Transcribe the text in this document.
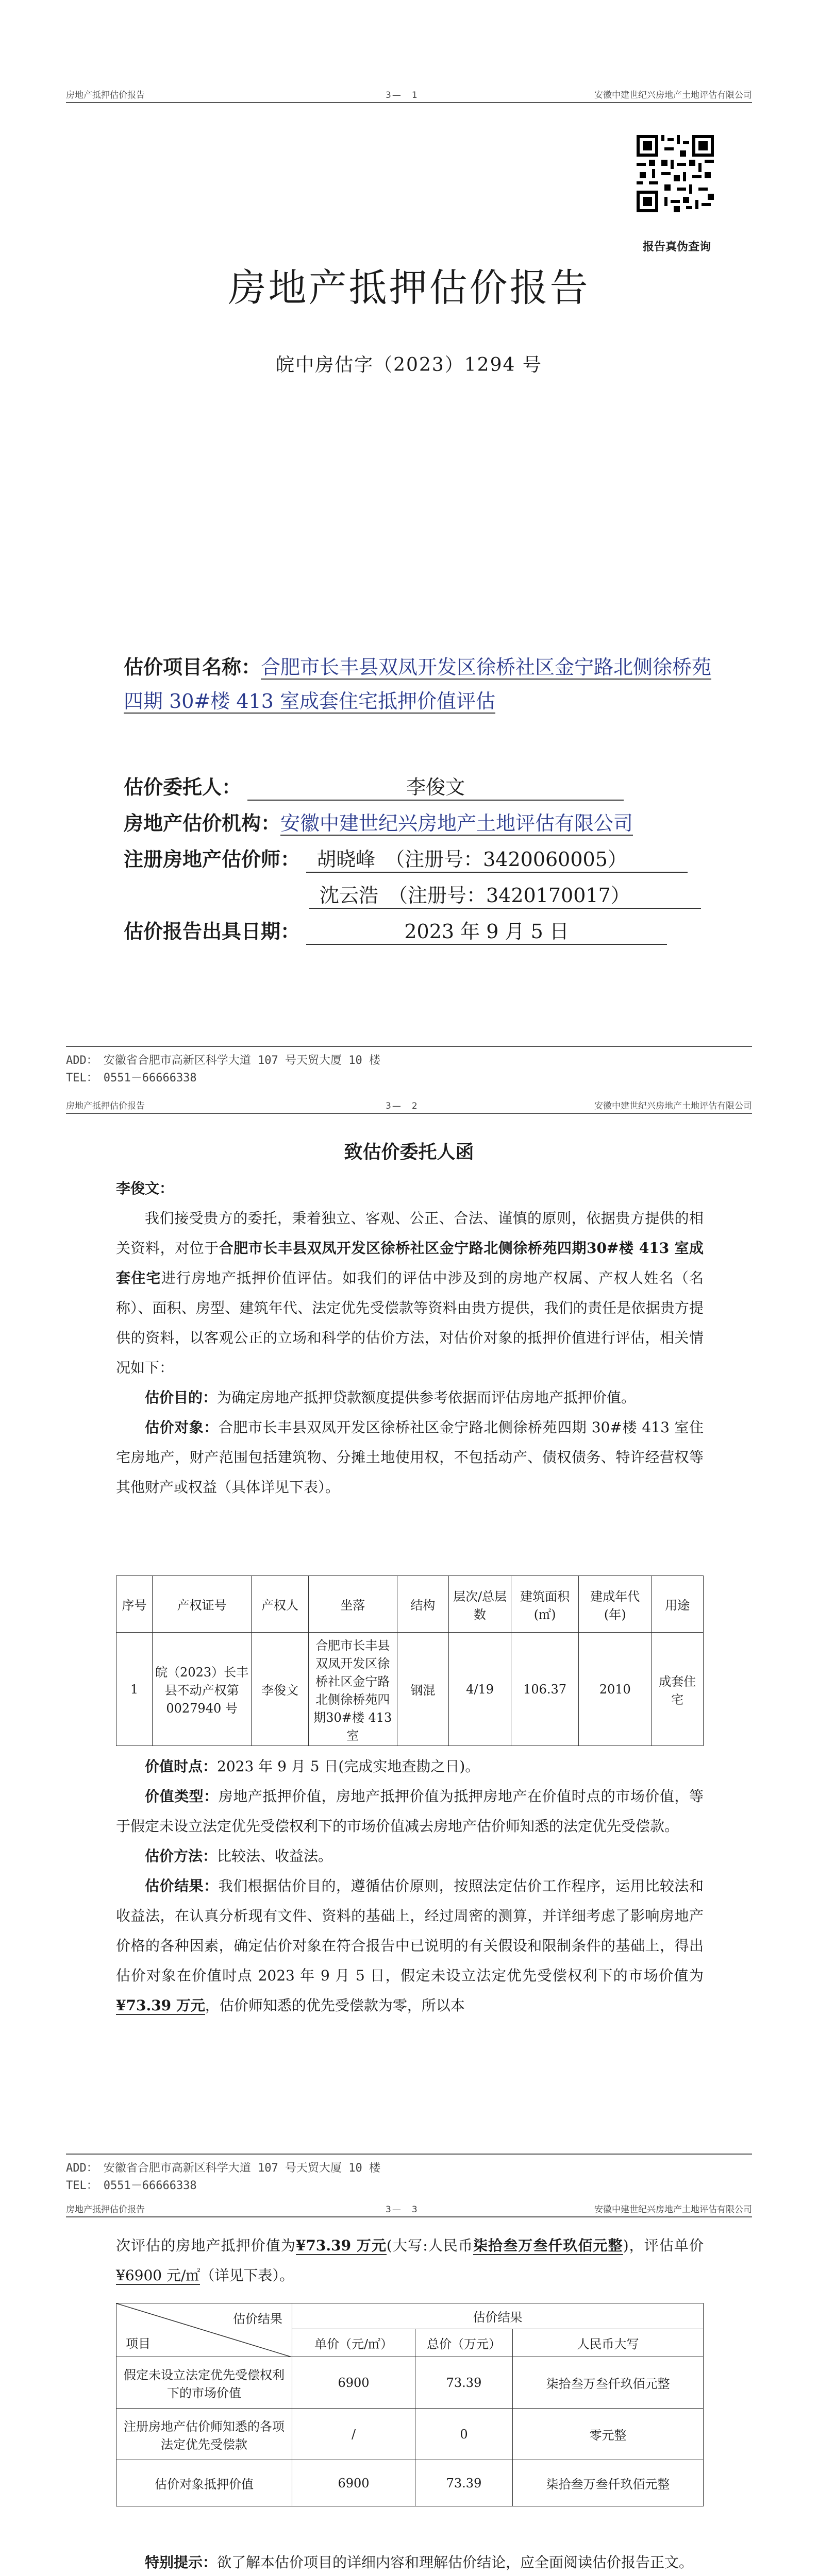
房地产抵押估价报告	3—　1	安徽中建世纪兴房地产土地评估有限公司
报告真伪查询
房地产抵押估价报告
皖中房估字（2023）1294 号
估价项目名称：合肥市长丰县双凤开发区徐桥社区金宁路北侧徐桥苑四期 30#楼 413 室成套住宅抵押价值评估
估价委托人：	李俊文
房地产估价机构：安徽中建世纪兴房地产土地评估有限公司
注册房地产估价师： 胡晓峰　（注册号：3420060005）
沈云浩　（注册号：3420170017）
估价报告出具日期：	2023 年 9 月 5 日
ADD：　安徽省合肥市高新区科学大道 107 号天贸大厦 10 楼
TEL：　0551－66666338
房地产抵押估价报告	3—　2	安徽中建世纪兴房地产土地评估有限公司
致估价委托人函
李俊文：
我们接受贵方的委托，秉着独立、客观、公正、合法、谨慎的原则，依据贵方提供的相关资料，对位于合肥市长丰县双凤开发区徐桥社区金宁路北侧徐桥苑四期30#楼 413 室成套住宅进行房地产抵押价值评估。如我们的评估中涉及到的房地产权属、产权人姓名（名称）、面积、房型、建筑年代、法定优先受偿款等资料由贵方提供，我们的责任是依据贵方提供的资料，以客观公正的立场和科学的估价方法，对估价对象的抵押价值进行评估，相关情况如下：
估价目的：为确定房地产抵押贷款额度提供参考依据而评估房地产抵押价值。
估价对象：合肥市长丰县双凤开发区徐桥社区金宁路北侧徐桥苑四期 30#楼 413 室住宅房地产，财产范围包括建筑物、分摊土地使用权，不包括动产、债权债务、特许经营权等其他财产或权益（具体详见下表）。
序号	产权证号	产权人	坐落	结构	层次/总层数	建筑面积(㎡)	建成年代(年)	用途
1	皖（2023）长丰县不动产权第0027940 号	李俊文	合肥市长丰县双凤开发区徐桥社区金宁路北侧徐桥苑四期30#楼 413 室	钢混	4/19	106.37	2010	成套住宅
价值时点：2023 年 9 月 5 日(完成实地查勘之日)。
价值类型：房地产抵押价值，房地产抵押价值为抵押房地产在价值时点的市场价值，等于假定未设立法定优先受偿权利下的市场价值减去房地产估价师知悉的法定优先受偿款。
估价方法：比较法、收益法。
估价结果：我们根据估价目的，遵循估价原则，按照法定估价工作程序，运用比较法和收益法，在认真分析现有文件、资料的基础上，经过周密的测算，并详细考虑了影响房地产价格的各种因素，确定估价对象在符合报告中已说明的有关假设和限制条件的基础上，得出估价对象在价值时点 2023 年 9 月 5 日，假定未设立法定优先受偿权利下的市场价值为¥73.39 万元，估价师知悉的优先受偿款为零，所以本
ADD：　安徽省合肥市高新区科学大道 107 号天贸大厦 10 楼
TEL：　0551－66666338
房地产抵押估价报告	3—　3	安徽中建世纪兴房地产土地评估有限公司
次评估的房地产抵押价值为¥73.39 万元(大写:人民币柒拾叁万叁仟玖佰元整)，评估单价¥6900 元/㎡（详见下表）。
估价结果
项目	估价结果		
	单价（元/㎡）	总价（万元）	人民币大写
假定未设立法定优先受偿权利下的市场价值	6900	73.39	柒拾叁万叁仟玖佰元整
注册房地产估价师知悉的各项法定优先受偿款	/	0	零元整
估价对象抵押价值	6900	73.39	柒拾叁万叁仟玖佰元整
特别提示：欲了解本估价项目的详细内容和理解估价结论，应全面阅读估价报告正文。
